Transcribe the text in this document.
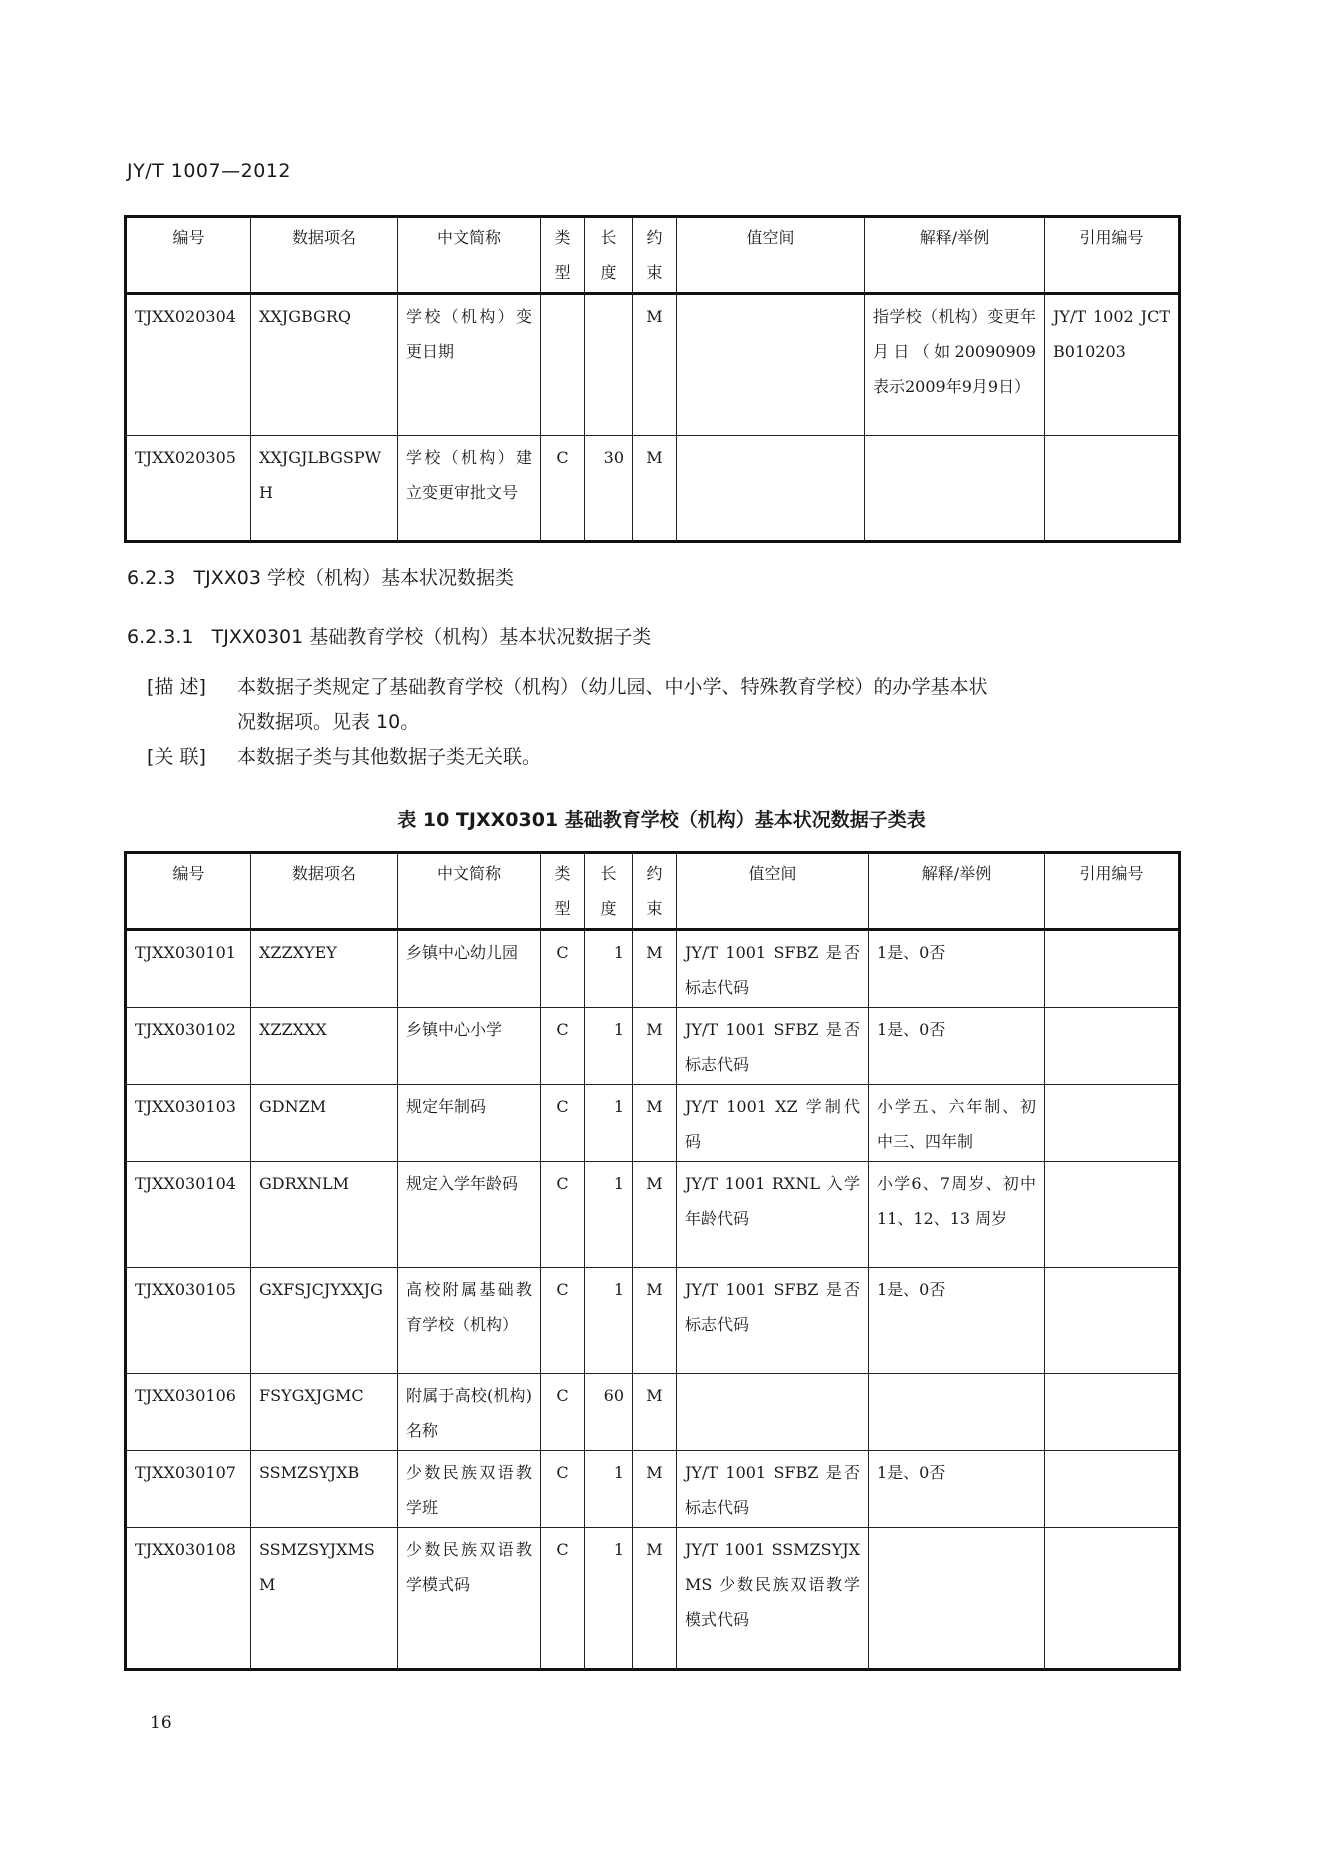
JY/T 1007—2012
编号	数据项名	中文简称	类型	长度	约束	值空间	解释/举例	引用编号
TJXX020304	XXJGBGRQ	学校（机构）变更日期			M		指学校（机构）变更年月日（如20090909 表示2009年9月9日）	JY/T 1002 JCTB010203
TJXX020305	XXJGJLBGSPWH	学校（机构）建立变更审批文号	C	30	M			
6.2.3 TJXX03 学校（机构）基本状况数据类
6.2.3.1 TJXX0301 基础教育学校（机构）基本状况数据子类
[描 述] 本数据子类规定了基础教育学校（机构）（幼儿园、中小学、特殊教育学校）的办学基本状
况数据项。见表 10。
[关 联] 本数据子类与其他数据子类无关联。
表 10 TJXX0301 基础教育学校（机构）基本状况数据子类表
编号	数据项名	中文简称	类型	长度	约束	值空间	解释/举例	引用编号
TJXX030101	XZZXYEY	乡镇中心幼儿园	C	1	M	JY/T 1001 SFBZ 是否标志代码	1是、0否	
TJXX030102	XZZXXX	乡镇中心小学	C	1	M	JY/T 1001 SFBZ 是否标志代码	1是、0否	
TJXX030103	GDNZM	规定年制码	C	1	M	JY/T 1001 XZ 学制代码	小学五、六年制、初中三、四年制	
TJXX030104	GDRXNLM	规定入学年龄码	C	1	M	JY/T 1001 RXNL 入学年龄代码	小学6、7周岁、初中 11、12、13 周岁	
TJXX030105	GXFSJCJYXXJG	高校附属基础教育学校（机构）	C	1	M	JY/T 1001 SFBZ 是否标志代码	1是、0否	
TJXX030106	FSYGXJGMC	附属于高校(机构)名称	C	60	M			
TJXX030107	SSMZSYJXB	少数民族双语教学班	C	1	M	JY/T 1001 SFBZ 是否标志代码	1是、0否	
TJXX030108	SSMZSYJXMSM	少数民族双语教学模式码	C	1	M	JY/T 1001 SSMZSYJXMS 少数民族双语教学模式代码		
16
